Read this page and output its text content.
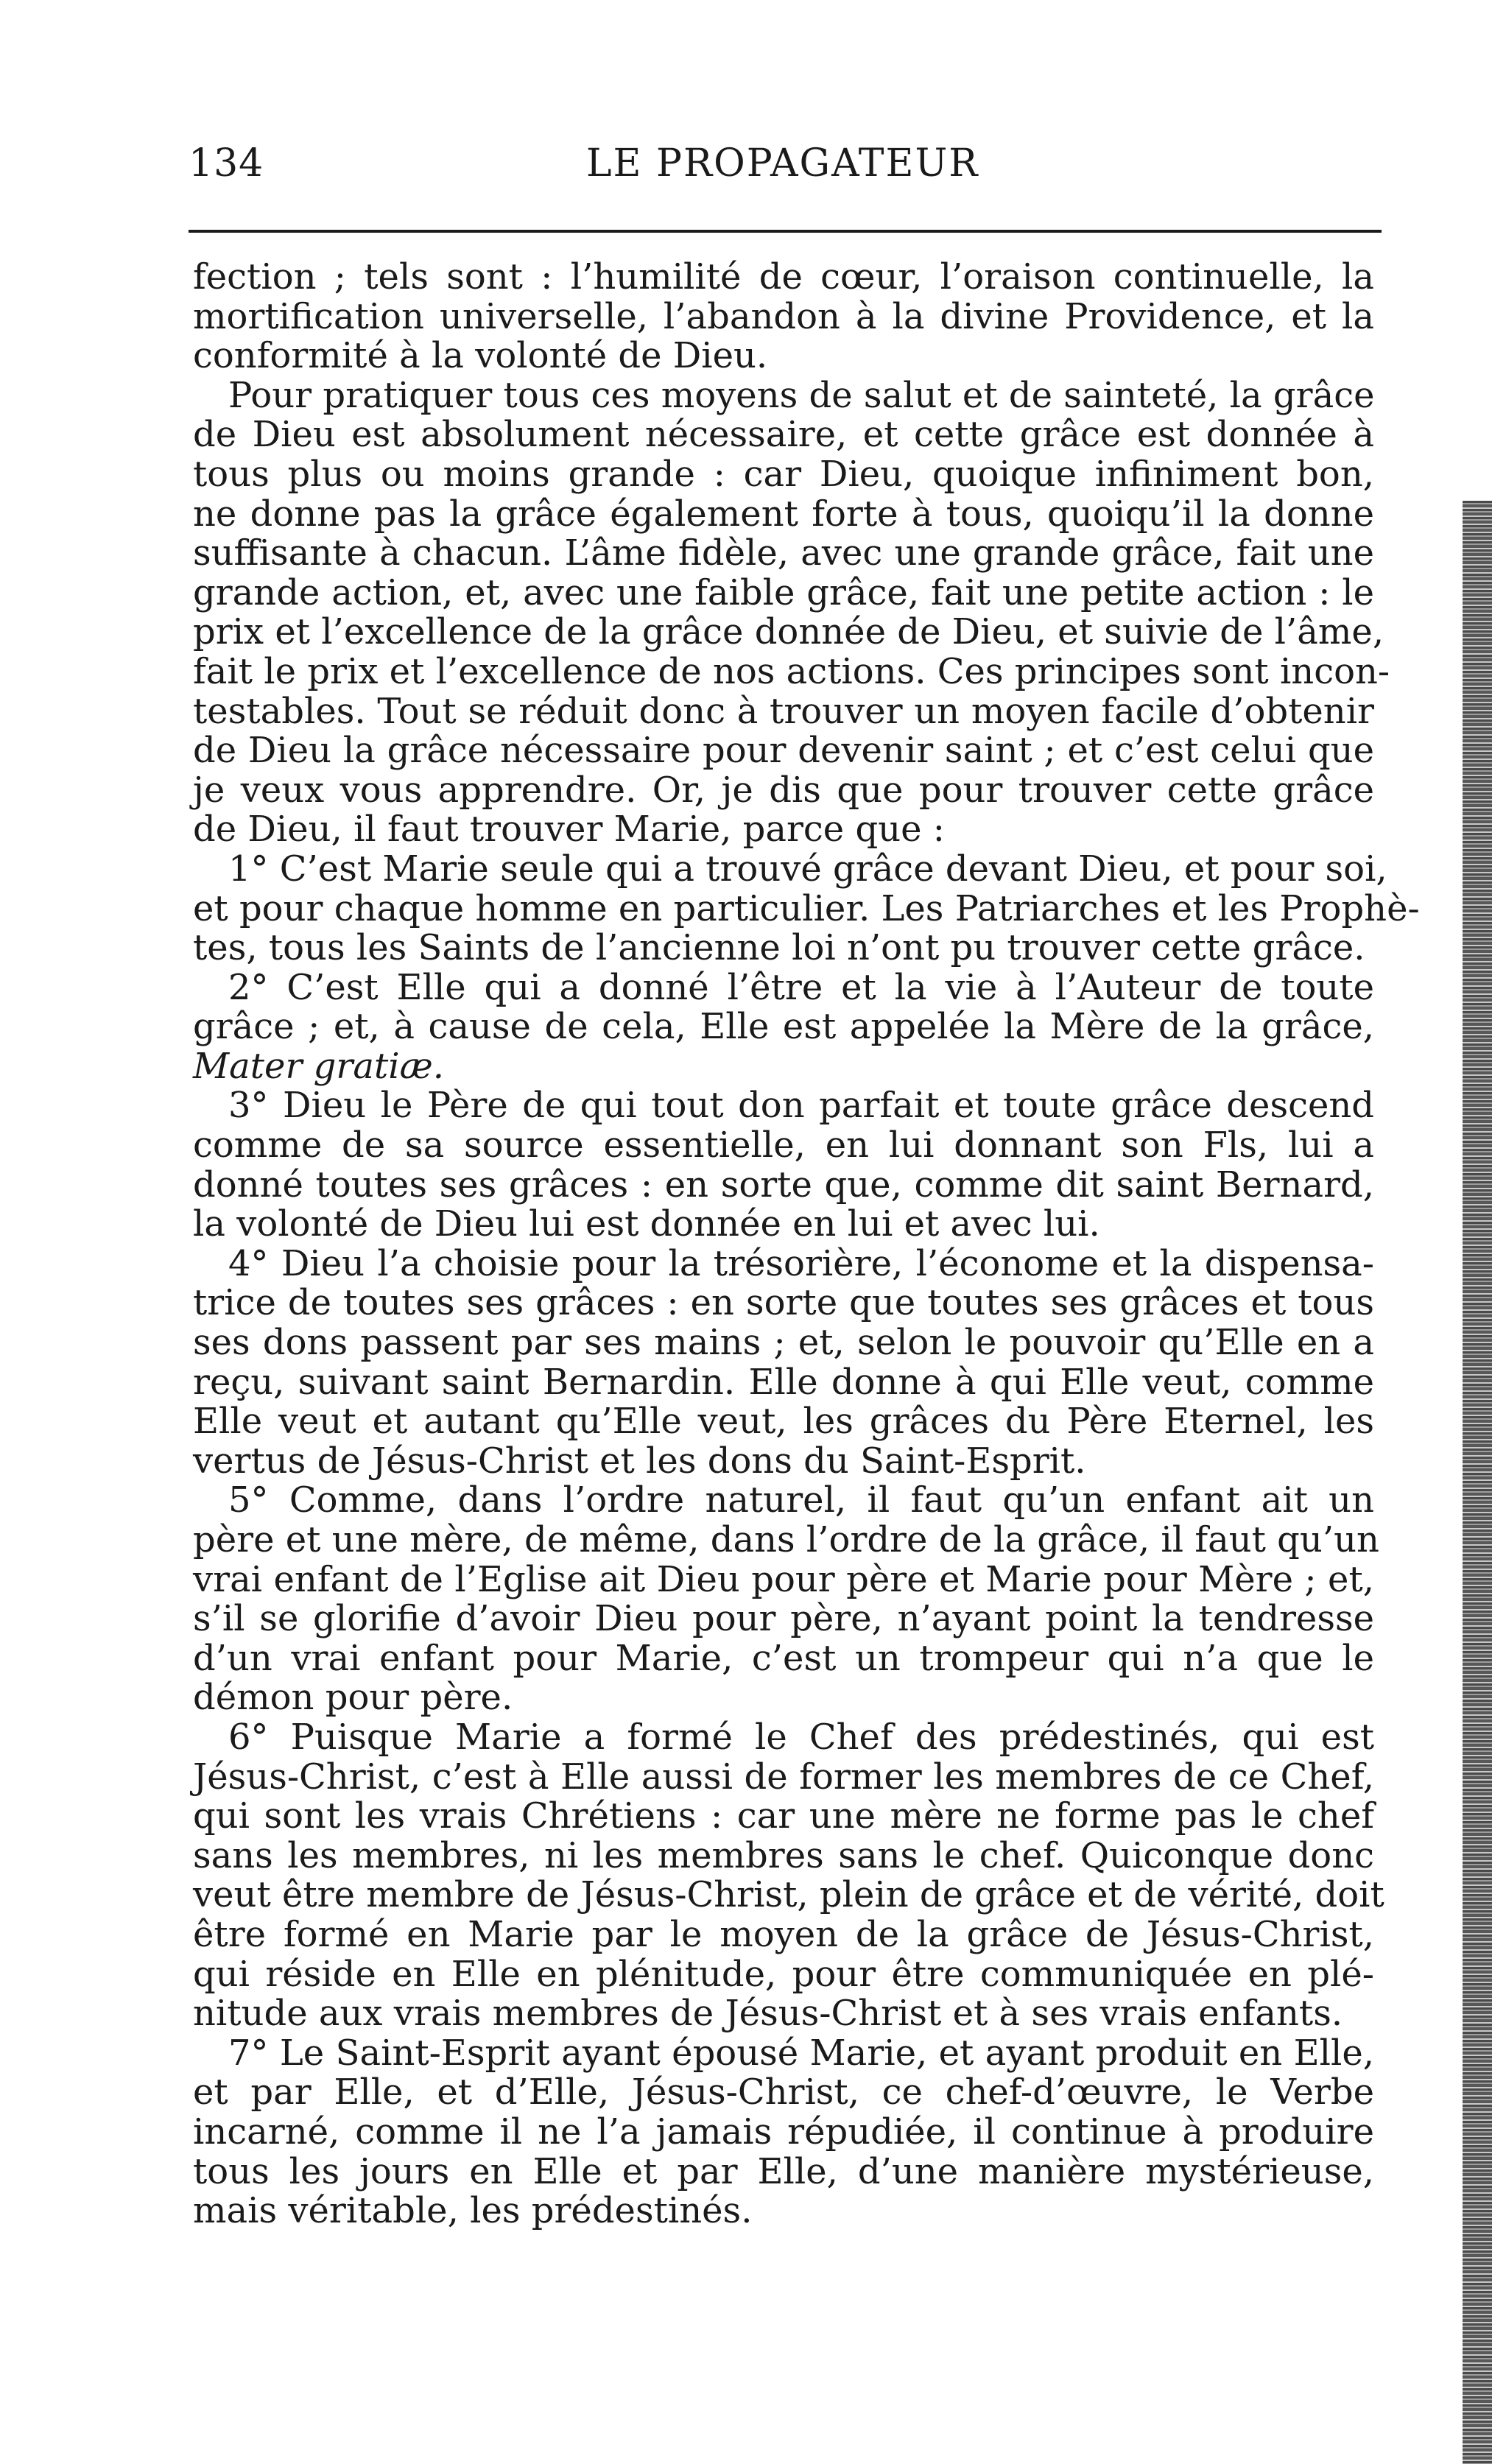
134	LE PROPAGATEUR
fection ; tels sont : l’humilité de cœur, l’oraison continuelle, la
mortification universelle, l’abandon à la divine Providence, et la
conformité à la volonté de Dieu.
Pour pratiquer tous ces moyens de salut et de sainteté, la grâce
de Dieu est absolument nécessaire, et cette grâce est donnée à
tous plus ou moins grande : car Dieu, quoique infiniment bon,
ne donne pas la grâce également forte à tous, quoiqu’il la donne
suffisante à chacun. L’âme fidèle, avec une grande grâce, fait une
grande action, et, avec une faible grâce, fait une petite action : le
prix et l’excellence de la grâce donnée de Dieu, et suivie de l’âme,
fait le prix et l’excellence de nos actions. Ces principes sont incon-
testables. Tout se réduit donc à trouver un moyen facile d’obtenir
de Dieu la grâce nécessaire pour devenir saint ; et c’est celui que
je veux vous apprendre. Or, je dis que pour trouver cette grâce
de Dieu, il faut trouver Marie, parce que :
1° C’est Marie seule qui a trouvé grâce devant Dieu, et pour soi,
et pour chaque homme en particulier. Les Patriarches et les Prophè-
tes, tous les Saints de l’ancienne loi n’ont pu trouver cette grâce.
2° C’est Elle qui a donné l’être et la vie à l’Auteur de toute
grâce ; et, à cause de cela, Elle est appelée la Mère de la grâce,
Mater gratiæ.
3° Dieu le Père de qui tout don parfait et toute grâce descend
comme de sa source essentielle, en lui donnant son Fls, lui a
donné toutes ses grâces : en sorte que, comme dit saint Bernard,
la volonté de Dieu lui est donnée en lui et avec lui.
4° Dieu l’a choisie pour la trésorière, l’économe et la dispensa-
trice de toutes ses grâces : en sorte que toutes ses grâces et tous
ses dons passent par ses mains ; et, selon le pouvoir qu’Elle en a
reçu, suivant saint Bernardin. Elle donne à qui Elle veut, comme
Elle veut et autant qu’Elle veut, les grâces du Père Eternel, les
vertus de Jésus-Christ et les dons du Saint-Esprit.
5° Comme, dans l’ordre naturel, il faut qu’un enfant ait un
père et une mère, de même, dans l’ordre de la grâce, il faut qu’un
vrai enfant de l’Eglise ait Dieu pour père et Marie pour Mère ; et,
s’il se glorifie d’avoir Dieu pour père, n’ayant point la tendresse
d’un vrai enfant pour Marie, c’est un trompeur qui n’a que le
démon pour père.
6° Puisque Marie a formé le Chef des prédestinés, qui est
Jésus-Christ, c’est à Elle aussi de former les membres de ce Chef,
qui sont les vrais Chrétiens : car une mère ne forme pas le chef
sans les membres, ni les membres sans le chef. Quiconque donc
veut être membre de Jésus-Christ, plein de grâce et de vérité, doit
être formé en Marie par le moyen de la grâce de Jésus-Christ,
qui réside en Elle en plénitude, pour être communiquée en plé-
nitude aux vrais membres de Jésus-Christ et à ses vrais enfants.
7° Le Saint-Esprit ayant épousé Marie, et ayant produit en Elle,
et par Elle, et d’Elle, Jésus-Christ, ce chef-d’œuvre, le Verbe
incarné, comme il ne l’a jamais répudiée, il continue à produire
tous les jours en Elle et par Elle, d’une manière mystérieuse,
mais véritable, les prédestinés.
